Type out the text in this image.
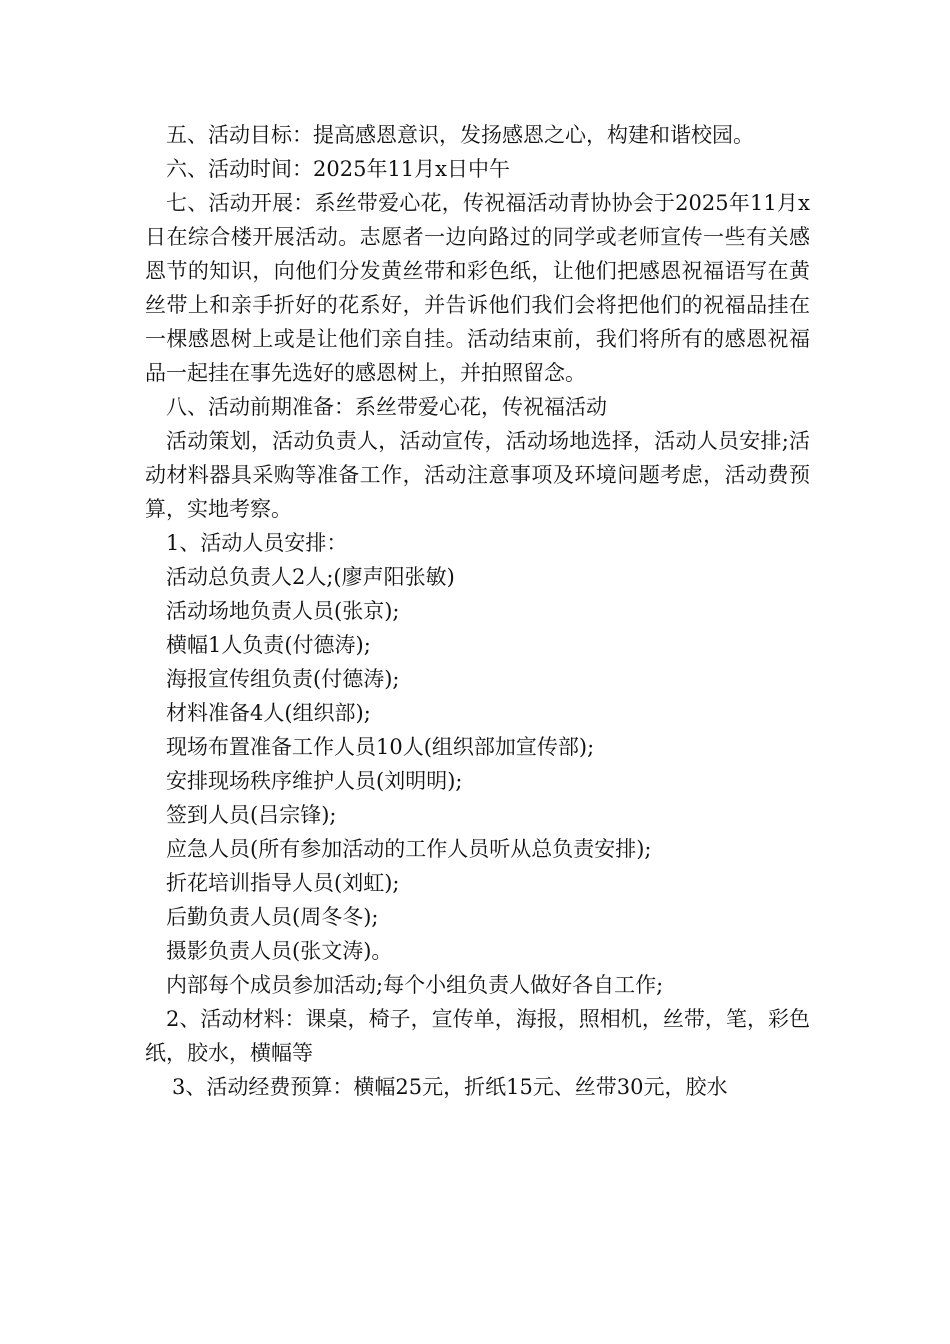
五、活动目标：提高感恩意识，发扬感恩之心，构建和谐校园。

六、活动时间：2025年11月x日中午

七、活动开展：系丝带爱心花，传祝福活动青协协会于2025年11月x日在综合楼开展活动。志愿者一边向路过的同学或老师宣传一些有关感恩节的知识，向他们分发黄丝带和彩色纸，让他们把感恩祝福语写在黄丝带上和亲手折好的花系好，并告诉他们我们会将把他们的祝福品挂在一棵感恩树上或是让他们亲自挂。活动结束前，我们将所有的感恩祝福品一起挂在事先选好的感恩树上，并拍照留念。

八、活动前期准备：系丝带爱心花，传祝福活动

活动策划，活动负责人，活动宣传，活动场地选择，活动人员安排;活动材料器具采购等准备工作，活动注意事项及环境问题考虑，活动费预算，实地考察。

1、活动人员安排：

活动总负责人2人;(廖声阳张敏)

活动场地负责人员(张京);

横幅1人负责(付德涛);

海报宣传组负责(付德涛);

材料准备4人(组织部);

现场布置准备工作人员10人(组织部加宣传部);

安排现场秩序维护人员(刘明明);

签到人员(吕宗锋);

应急人员(所有参加活动的工作人员听从总负责安排);

折花培训指导人员(刘虹);

后勤负责人员(周冬冬);

摄影负责人员(张文涛)。

内部每个成员参加活动;每个小组负责人做好各自工作;

2、活动材料：课桌，椅子，宣传单，海报，照相机，丝带，笔，彩色纸，胶水，横幅等

3、活动经费预算：横幅25元，折纸15元、丝带30元，胶水
